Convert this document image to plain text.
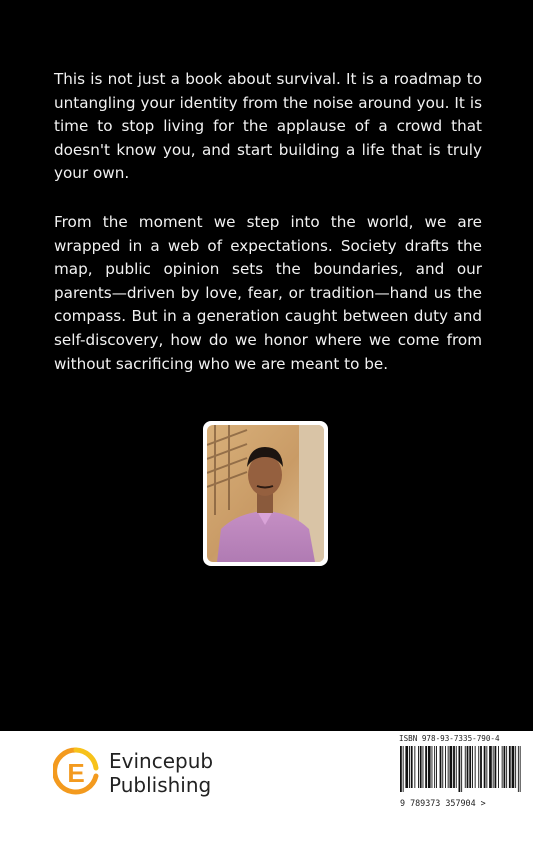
This is not just a book about survival. It is a roadmap to untangling your identity from the noise around you. It is time to stop living for the applause of a crowd that doesn't know you, and start building a life that is truly your own.

From the moment we step into the world, we are wrapped in a web of expectations. Society drafts the map, public opinion sets the boundaries, and our parents—driven by love, fear, or tradition—hand us the compass. But in a generation caught between duty and self-discovery, how do we honor where we come from without sacrificing who we are meant to be.

E Evincepub
Publishing
ISBN 978-93-7335-790-4
9 789373 357904 >
